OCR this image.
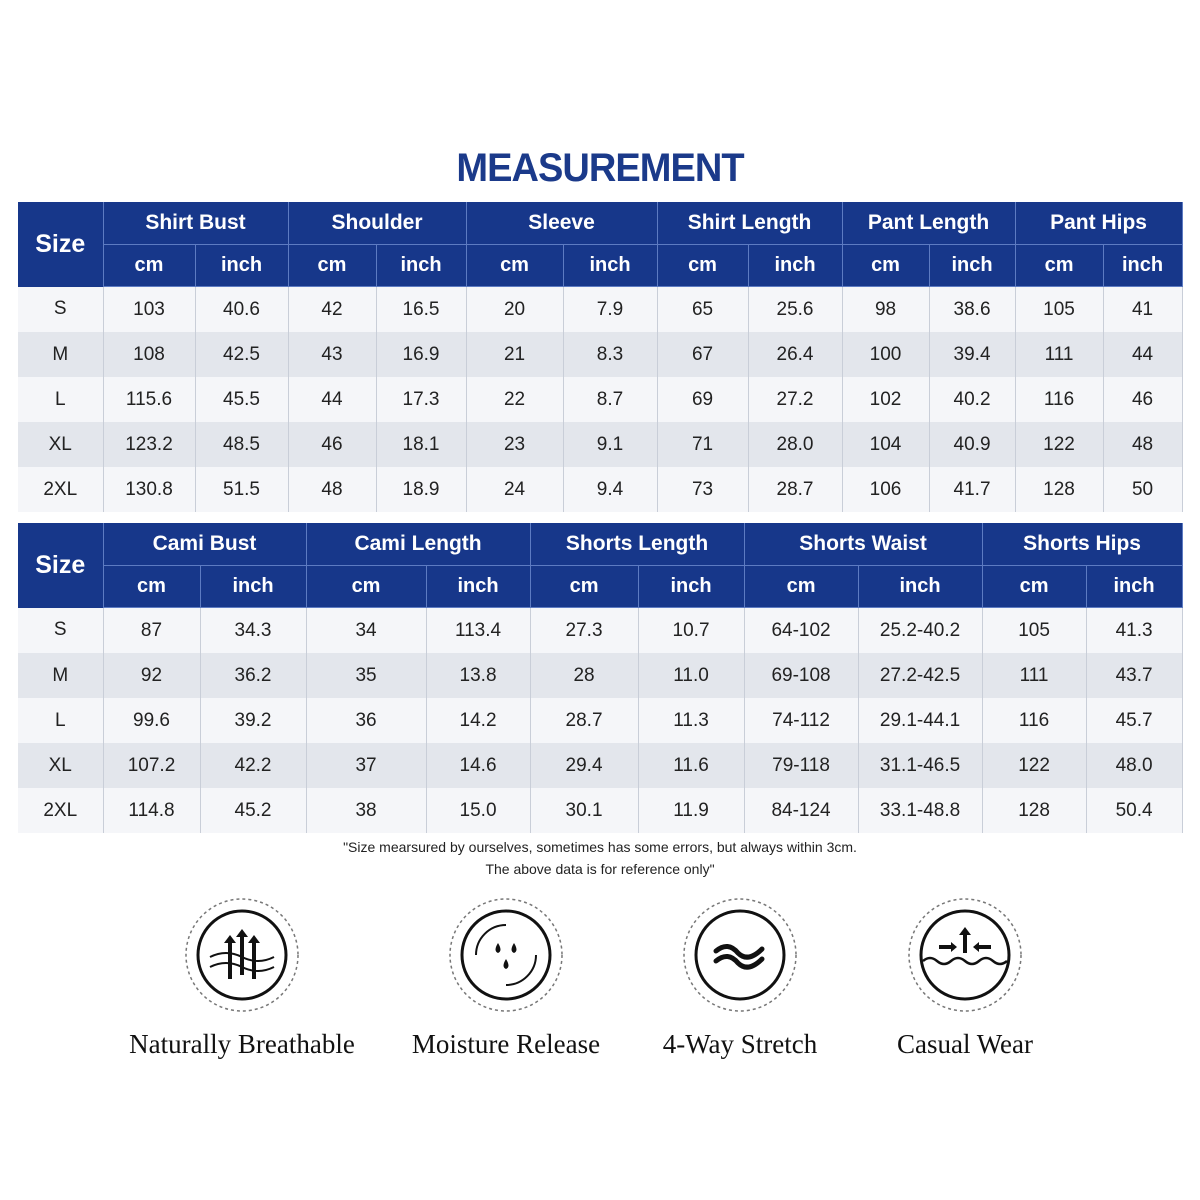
MEASUREMENT
Size	Shirt Bust		Shoulder		Sleeve		Shirt Length		Pant Length		Pant Hips	
	cm	inch	cm	inch	cm	inch	cm	inch	cm	inch	cm	inch
S	103	40.6	42	16.5	20	7.9	65	25.6	98	38.6	105	41
M	108	42.5	43	16.9	21	8.3	67	26.4	100	39.4	111	44
L	115.6	45.5	44	17.3	22	8.7	69	27.2	102	40.2	116	46
XL	123.2	48.5	46	18.1	23	9.1	71	28.0	104	40.9	122	48
2XL	130.8	51.5	48	18.9	24	9.4	73	28.7	106	41.7	128	50
Size	Cami Bust		Cami Length		Shorts Length		Shorts Waist		Shorts Hips	
	cm	inch	cm	inch	cm	inch	cm	inch	cm	inch
S	87	34.3	34	113.4	27.3	10.7	64-102	25.2-40.2	105	41.3
M	92	36.2	35	13.8	28	11.0	69-108	27.2-42.5	111	43.7
L	99.6	39.2	36	14.2	28.7	11.3	74-112	29.1-44.1	116	45.7
XL	107.2	42.2	37	14.6	29.4	11.6	79-118	31.1-46.5	122	48.0
2XL	114.8	45.2	38	15.0	30.1	11.9	84-124	33.1-48.8	128	50.4
"Size mearsured by ourselves, sometimes has some errors, but always within 3cm.
The above data is for reference only"
Naturally Breathable	Moisture Release	4-Way Stretch	Casual Wear
